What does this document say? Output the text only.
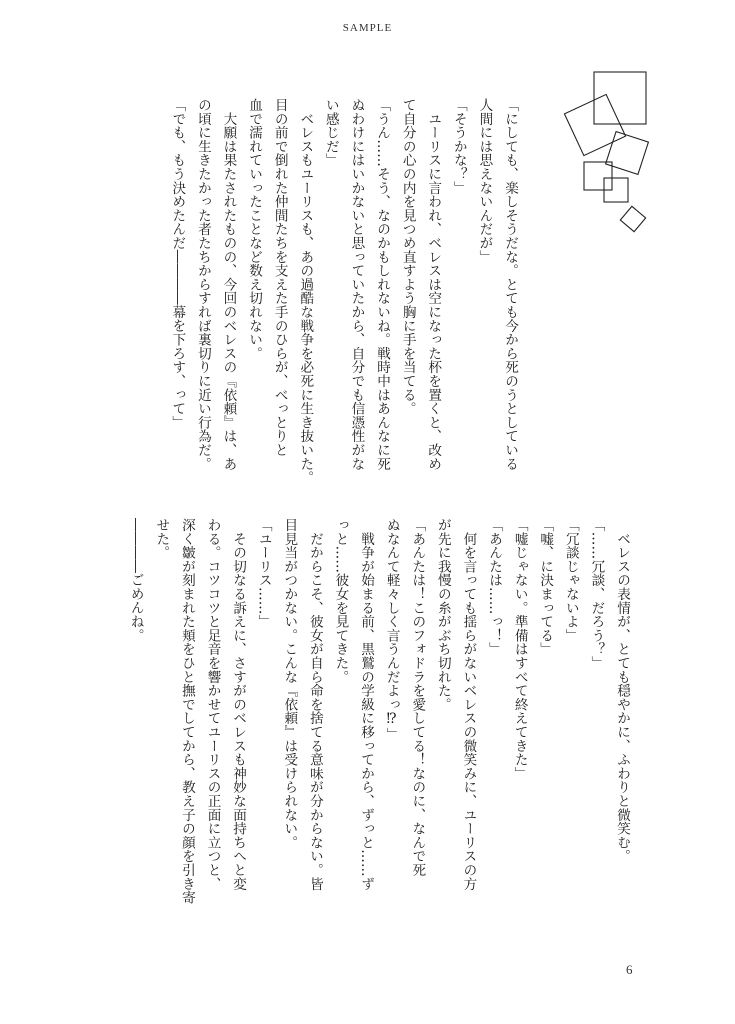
SAMPLE

「にしても、楽しそうだな。とても今から死のうとしている

人間には思えないんだが」

「そうかな？」

　ユーリスに言われ、ベレスは空になった杯を置くと、改め

て自分の心の内を見つめ直すよう胸に手を当てる。

「うん……そう、なのかもしれないね。戦時中はあんなに死

ぬわけにはいかないと思っていたから、自分でも信憑性がな

い感じだ」

　ベレスもユーリスも、あの過酷な戦争を必死に生き抜いた。

目の前で倒れた仲間たちを支えた手のひらが、べっとりと

血で濡れていったことなど数え切れない。

　大願は果たされたものの、今回のベレスの『依頼』は、あ

の頃に生きたかった者たちからすれば裏切りに近い行為だ。

「でも、もう決めたんだ――――幕を下ろす、って」

　ベレスの表情が、とても穏やかに、ふわりと微笑む。

「……冗談、だろう？」

「冗談じゃないよ」

「嘘、に決まってる」

「嘘じゃない。準備はすべて終えてきた」

「あんたは……っ！」

　何を言っても揺らがないベレスの微笑みに、ユーリスの方

が先に我慢の糸がぶち切れた。

「あんたは！このフォドラを愛してる！なのに、なんで死

ぬなんて軽々しく言うんだよっ⁉」

　戦争が始まる前、黒鷲の学級に移ってから、ずっと……ず

っと……彼女を見てきた。

　だからこそ、彼女が自ら命を捨てる意味が分からない。皆

目見当がつかない。こんな『依頼』は受けられない。

「ユーリス……」

　その切なる訴えに、さすがのベレスも神妙な面持ちへと変

わる。コツコツと足音を響かせてユーリスの正面に立つと、

深く皺が刻まれた頬をひと撫でしてから、教え子の顔を引き寄

せた。

――――ごめんね。

6
